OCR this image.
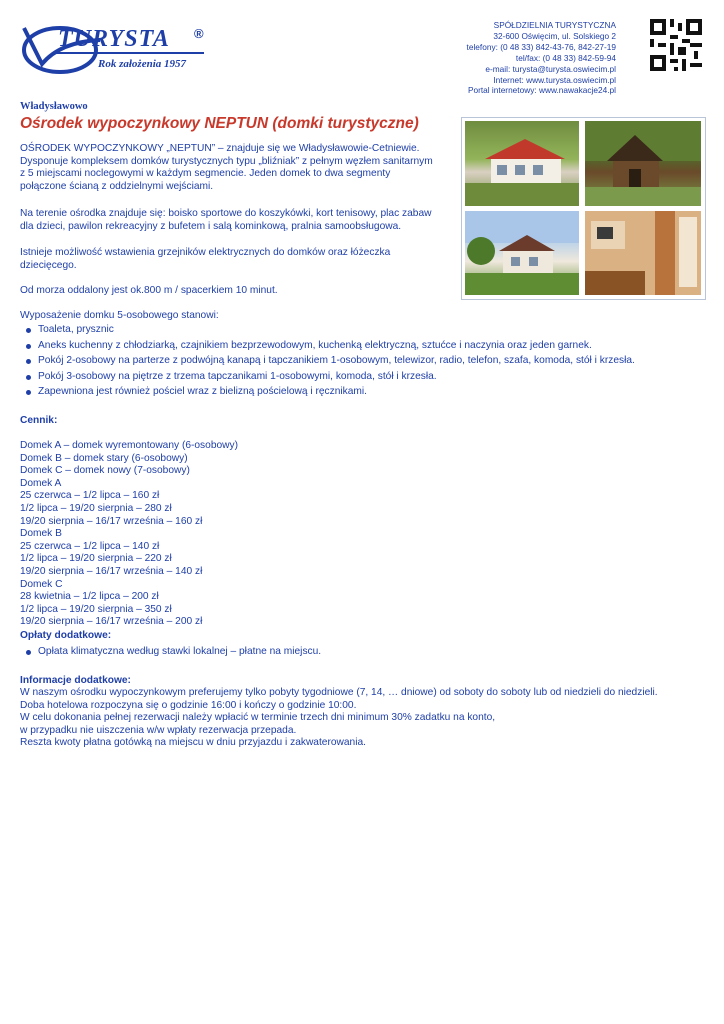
TURYSTA ®
Rok założenia 1957
SPÓŁDZIELNIA TURYSTYCZNA
32-600 Oświęcim, ul. Solskiego 2
telefony: (0 48 33) 842-43-76, 842-27-19
tel/fax: (0 48 33) 842-59-94
e-mail: turysta@turysta.oswiecim.pl
Internet: www.turysta.oswiecim.pl
Portal internetowy: www.nawakacje24.pl
Władysławowo
Ośrodek wypoczynkowy NEPTUN (domki turystyczne)
OŚRODEK WYPOCZYNKOWY „NEPTUN” – znajduje się we Władysławowie-Cetniewie.
Dysponuje kompleksem domków turystycznych typu „bliźniak” z pełnym węzłem sanitarnym
z 5 miejscami noclegowymi w każdym segmencie. Jeden domek to dwa segmenty
połączone ścianą z oddzielnymi wejściami.
Na terenie ośrodka znajduje się: boisko sportowe do koszykówki, kort tenisowy, plac zabaw
dla dzieci, pawilon rekreacyjny z bufetem i salą kominkową, pralnia samoobsługowa.
Istnieje możliwość wstawienia grzejników elektrycznych do domków oraz łóżeczka
dziecięcego.
Od morza oddalony jest ok.800 m / spacerkiem 10 minut.
Wyposażenie domku 5-osobowego stanowi:
Toaleta, prysznic
Aneks kuchenny z chłodziarką, czajnikiem bezprzewodowym, kuchenką elektryczną, sztućce i naczynia oraz jeden garnek.
Pokój 2-osobowy na parterze z podwójną kanapą i tapczanikiem 1-osobowym, telewizor, radio, telefon, szafa, komoda, stół i krzesła.
Pokój 3-osobowy na piętrze z trzema tapczanikami 1-osobowymi, komoda, stół i krzesła.
Zapewniona jest również pościel wraz z bielizną pościelową i ręcznikami.
Cennik:
Domek A – domek wyremontowany (6-osobowy)
Domek B – domek stary (6-osobowy)
Domek C – domek nowy (7-osobowy)
Domek A
25 czerwca – 1/2 lipca – 160 zł
1/2 lipca – 19/20 sierpnia – 280 zł
19/20 sierpnia – 16/17 września – 160 zł
Domek B
25 czerwca – 1/2 lipca – 140 zł
1/2 lipca – 19/20 sierpnia – 220 zł
19/20 sierpnia – 16/17 września – 140 zł
Domek C
28 kwietnia – 1/2 lipca – 200 zł
1/2 lipca – 19/20 sierpnia – 350 zł
19/20 sierpnia – 16/17 września – 200 zł
Opłaty dodatkowe:
Opłata klimatyczna według stawki lokalnej – płatne na miejscu.
Informacje dodatkowe:
W naszym ośrodku wypoczynkowym preferujemy tylko pobyty tygodniowe (7, 14, … dniowe) od soboty do soboty lub od niedzieli do niedzieli.
Doba hotelowa rozpoczyna się o godzinie 16:00 i kończy o godzinie 10:00.
W celu dokonania pełnej rezerwacji należy wpłacić w terminie trzech dni minimum 30% zadatku na konto,
w przypadku nie uiszczenia w/w wpłaty rezerwacja przepada.
Reszta kwoty płatna gotówką na miejscu w dniu przyjazdu i zakwaterowania.
